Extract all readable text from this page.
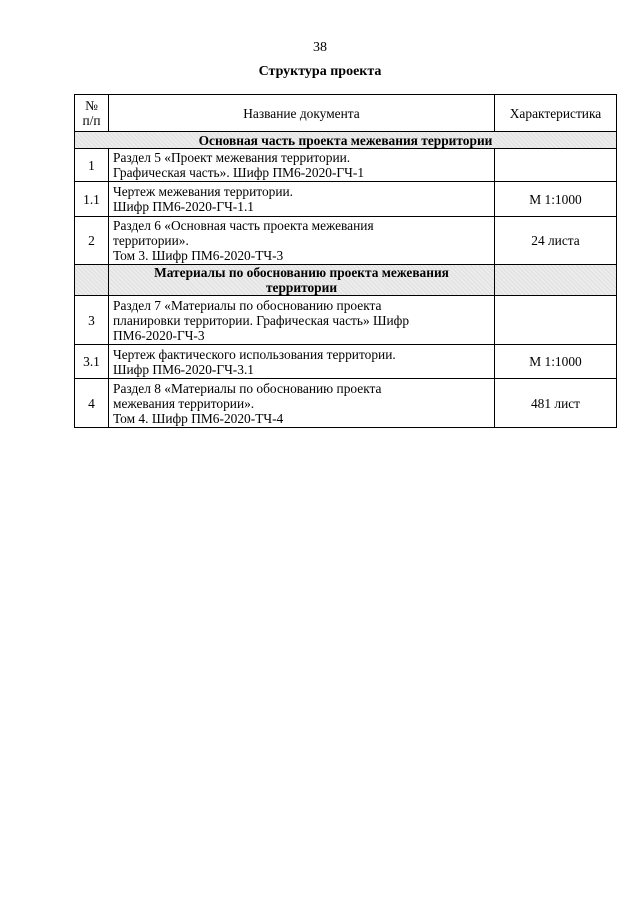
38
Структура проекта
№
п/п	Название документа	Характеристика
Основная часть проекта межевания территории		
1	Раздел 5 «Проект межевания территории.
Графическая часть». Шифр ПМ6-2020-ГЧ-1	

1.1	Чертеж межевания территории.
Шифр ПМ6-2020-ГЧ-1.1	М 1:1000
2	Раздел 6 «Основная часть проекта межевания
территории».
Том 3. Шифр ПМ6-2020-ТЧ-3	24 листа

	Материалы по обоснованию проекта межевания
территории	

3	Раздел 7 «Материалы по обоснованию проекта
планировки территории. Графическая часть» Шифр
ПМ6-2020-ГЧ-3	

3.1	Чертеж фактического использования территории.
Шифр ПМ6-2020-ГЧ-3.1	М 1:1000
4	Раздел 8 «Материалы по обоснованию проекта
межевания территории».
Том 4. Шифр ПМ6-2020-ТЧ-4	481 лист
